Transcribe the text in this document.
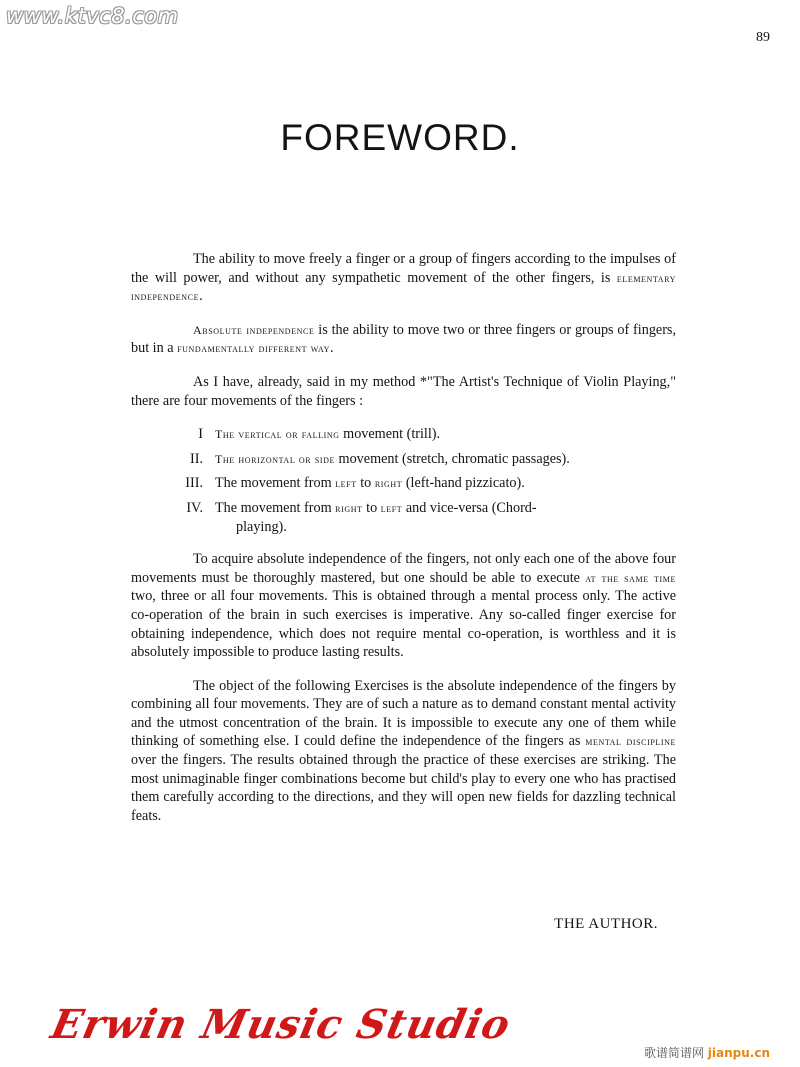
www.ktvc8.com
89
FOREWORD.

The ability to move freely a finger or a group of fingers according to the impulses of the will power, and without any sympathetic movement of the other fingers, is elementary independence.

Absolute independence is the ability to move two or three fingers or groups of fingers, but in a fundamentally different way.

As I have, already, said in my method *"The Artist's Technique of Violin Playing," there are four movements of the fingers :

I	The vertical or falling movement (trill).
II.	The horizontal or side movement (stretch, chromatic passages).
III. The movement from left to right (left-hand pizzicato).
IV. The movement from right to left and vice-versa (Chord-
playing).

To acquire absolute independence of the fingers, not only each one of the above four movements must be thoroughly mastered, but one should be able to execute at the same time two, three or all four movements. This is obtained through a mental process only. The active co-operation of the brain in such exercises is imperative. Any so-called finger exercise for obtaining independence, which does not require mental co-operation, is worthless and it is absolutely impossible to produce lasting results.

The object of the following Exercises is the absolute independence of the fingers by combining all four movements. They are of such a nature as to demand constant mental activity and the utmost concentration of the brain. It is impossible to execute any one of them while thinking of something else. I could define the independence of the fingers as mental discipline over the fingers. The results obtained through the practice of these exercises are striking. The most unimaginable finger combinations become but child's play to every one who has practised them carefully according to the directions, and they will open new fields for dazzling technical feats.

THE AUTHOR.
Erwin Music Studio
歌谱简谱网 jianpu.cn
